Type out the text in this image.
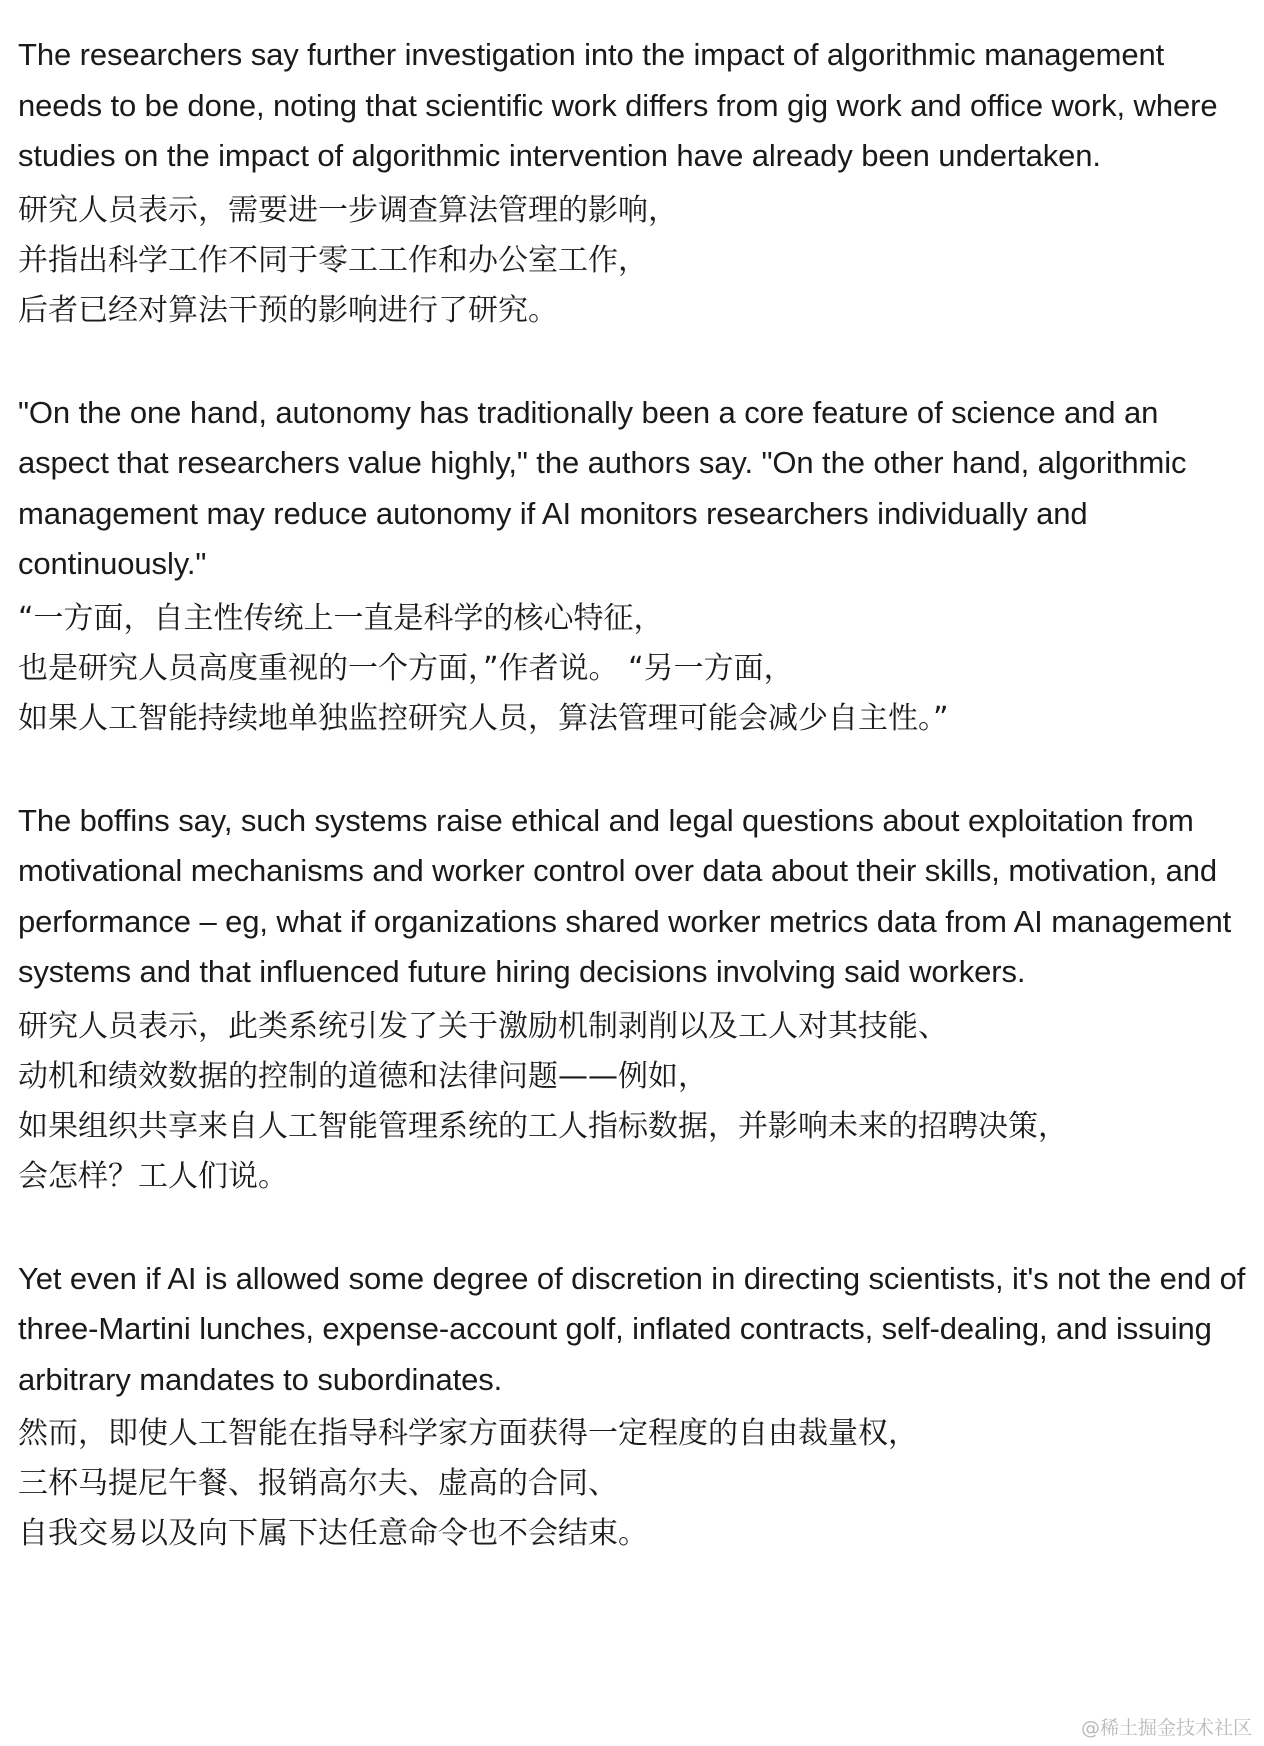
The researchers say further investigation into the impact of algorithmic management needs to be done, noting that scientific work differs from gig work and office work, where studies on the impact of algorithmic intervention have already been undertaken.

研究人员表示，需要进一步调查算法管理的影响，
并指出科学工作不同于零工工作和办公室工作，
后者已经对算法干预的影响进行了研究。

"On the one hand, autonomy has traditionally been a core feature of science and an aspect that researchers value highly," the authors say. "On the other hand, algorithmic management may reduce autonomy if AI monitors researchers individually and continuously."

“一方面，自主性传统上一直是科学的核心特征，
也是研究人员高度重视的一个方面，”作者说。 “另一方面，
如果人工智能持续地单独监控研究人员，算法管理可能会减少自主性。”

The boffins say, such systems raise ethical and legal questions about exploitation from motivational mechanisms and worker control over data about their skills, motivation, and performance – eg, what if organizations shared worker metrics data from AI management systems and that influenced future hiring decisions involving said workers.

研究人员表示，此类系统引发了关于激励机制剥削以及工人对其技能、
动机和绩效数据的控制的道德和法律问题——例如，
如果组织共享来自人工智能管理系统的工人指标数据，并影响未来的招聘决策，
会怎样？工人们说。

Yet even if AI is allowed some degree of discretion in directing scientists, it's not the end of three-Martini lunches, expense-account golf, inflated contracts, self-dealing, and issuing arbitrary mandates to subordinates.

然而，即使人工智能在指导科学家方面获得一定程度的自由裁量权，
三杯马提尼午餐、报销高尔夫、虚高的合同、
自我交易以及向下属下达任意命令也不会结束。

@稀土掘金技术社区
